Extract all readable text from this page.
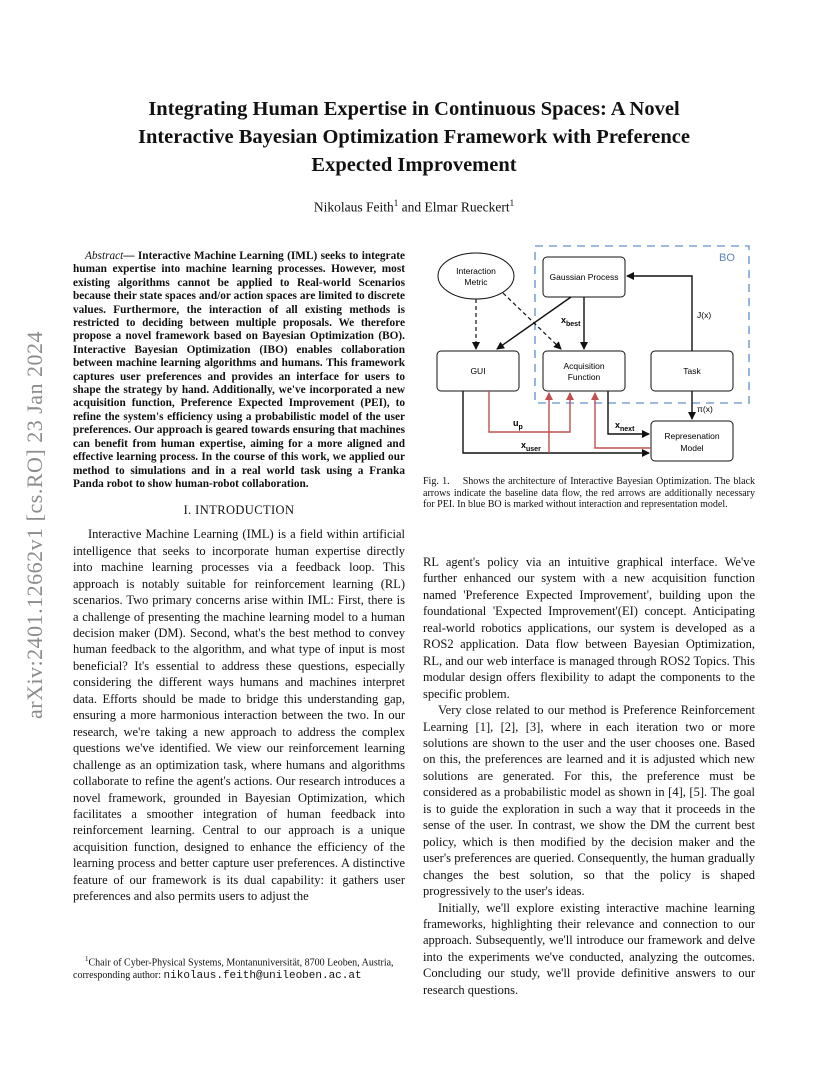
arXiv:2401.12662v1 [cs.RO] 23 Jan 2024
Integrating Human Expertise in Continuous Spaces: A Novel
Interactive Bayesian Optimization Framework with Preference
Expected Improvement
Nikolaus Feith$^1$ and Elmar Rueckert$^1$

Abstract— Interactive Machine Learning (IML) seeks to integrate human expertise into machine learning processes. However, most existing algorithms cannot be applied to Real-world Scenarios because their state spaces and/or action spaces are limited to discrete values. Furthermore, the interaction of all existing methods is restricted to deciding between multiple proposals. We therefore propose a novel framework based on Bayesian Optimization (BO). Interactive Bayesian Optimization (IBO) enables collaboration between machine learning algorithms and humans. This framework captures user preferences and provides an interface for users to shape the strategy by hand. Additionally, we've incorporated a new acquisition function, Preference Expected Improvement (PEI), to refine the system's efficiency using a probabilistic model of the user preferences. Our approach is geared towards ensuring that machines can benefit from human expertise, aiming for a more aligned and effective learning process. In the course of this work, we applied our method to simulations and in a real world task using a Franka Panda robot to show human-robot collaboration.

I. INTRODUCTION

Interactive Machine Learning (IML) is a field within artificial intelligence that seeks to incorporate human expertise directly into machine learning processes via a feedback loop. This approach is notably suitable for reinforcement learning (RL) scenarios. Two primary concerns arise within IML: First, there is a challenge of presenting the machine learning model to a human decision maker (DM). Second, what's the best method to convey human feedback to the algorithm, and what type of input is most beneficial? It's essential to address these questions, especially considering the different ways humans and machines interpret data. Efforts should be made to bridge this understanding gap, ensuring a more harmonious interaction between the two. In our research, we're taking a new approach to address the complex questions we've identified. We view our reinforcement learning challenge as an optimization task, where humans and algorithms collaborate to refine the agent's actions. Our research introduces a novel framework, grounded in Bayesian Optimization, which facilitates a smoother integration of human feedback into reinforcement learning. Central to our approach is a unique acquisition function, designed to enhance the efficiency of the learning process and better capture user preferences. A distinctive feature of our framework is its dual capability: it gathers user preferences and also permits users to adjust the

$^1$Chair of Cyber-Physical Systems, Montanuniversität, 8700 Leoben, Austria,

corresponding author: nikolaus.feith@unileoben.ac.at

BO
Interaction
Metric	Gaussian Process
GUI	Acquisition
Function
Task
Represenation
Model
$x_{best}$
J(x)
π(x)
$x_{user}$
$x_{next}$
$u_p$

Fig. 1. Shows the architecture of Interactive Bayesian Optimization. The black arrows indicate the baseline data flow, the red arrows are additionally necessary for PEI. In blue BO is marked without interaction and representation model.

RL agent's policy via an intuitive graphical interface. We've further enhanced our system with a new acquisition function named 'Preference Expected Improvement', building upon the foundational 'Expected Improvement'(EI) concept. Anticipating real-world robotics applications, our system is developed as a ROS2 application. Data flow between Bayesian Optimization, RL, and our web interface is managed through ROS2 Topics. This modular design offers flexibility to adapt the components to the specific problem.

Very close related to our method is Preference Reinforcement Learning [1], [2], [3], where in each iteration two or more solutions are shown to the user and the user chooses one. Based on this, the preferences are learned and it is adjusted which new solutions are generated. For this, the preference must be considered as a probabilistic model as shown in [4], [5]. The goal is to guide the exploration in such a way that it proceeds in the sense of the user. In contrast, we show the DM the current best policy, which is then modified by the decision maker and the user's preferences are queried. Consequently, the human gradually changes the best solution, so that the policy is shaped progressively to the user's ideas.

Initially, we'll explore existing interactive machine learning frameworks, highlighting their relevance and connection to our approach. Subsequently, we'll introduce our framework and delve into the experiments we've conducted, analyzing the outcomes. Concluding our study, we'll provide definitive answers to our research questions.
